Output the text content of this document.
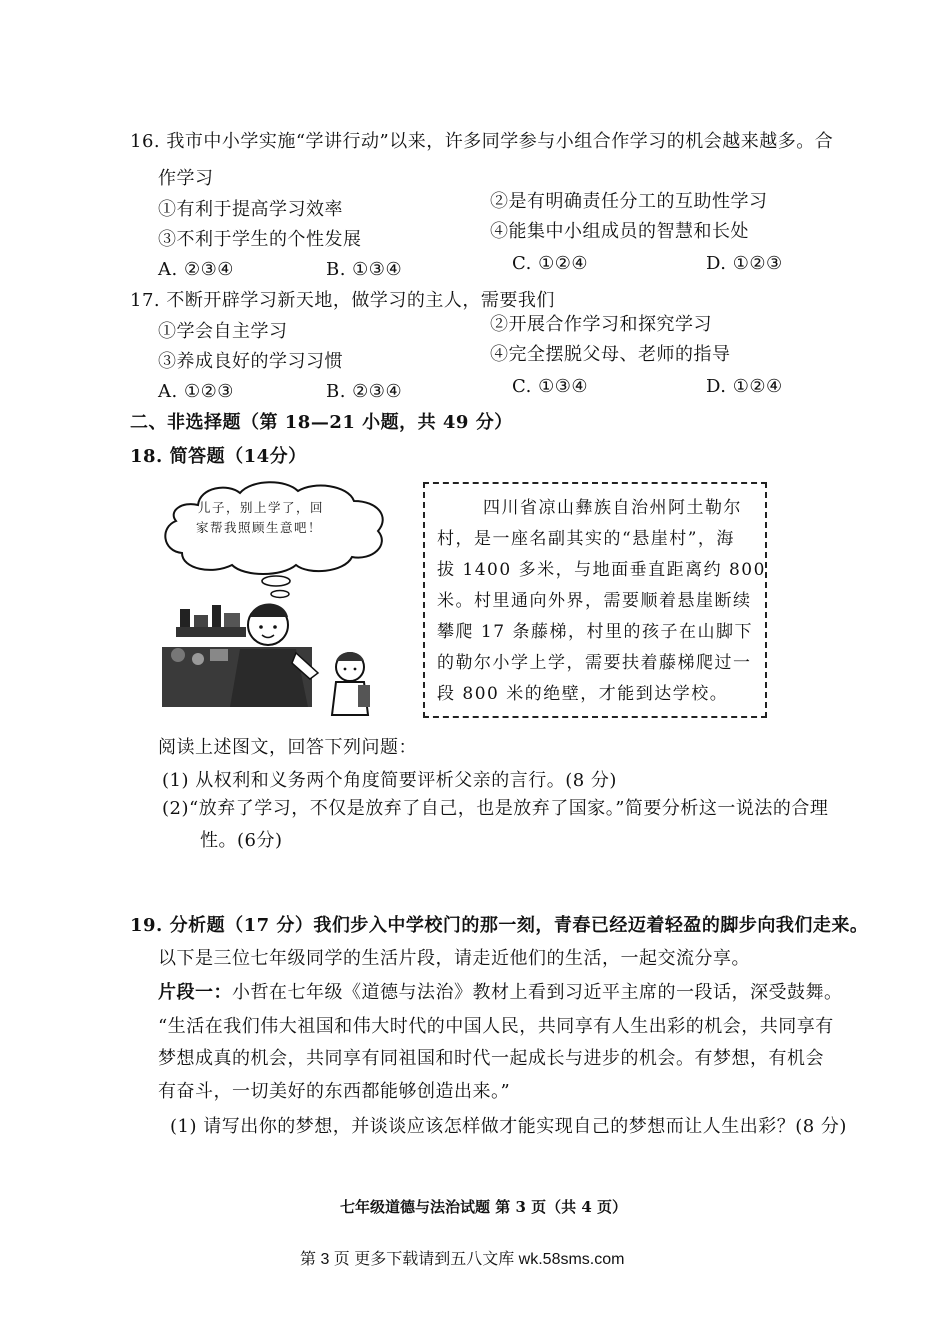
16. 我市中小学实施“学讲行动”以来，许多同学参与小组合作学习的机会越来越多。合
作学习
①有利于提高学习效率	②是有明确责任分工的互助性学习
③不利于学生的个性发展	④能集中小组成员的智慧和长处
A. ②③④	B. ①③④	C. ①②④	D. ①②③
17. 不断开辟学习新天地，做学习的主人，需要我们
①学会自主学习	②开展合作学习和探究学习
③养成良好的学习习惯	④完全摆脱父母、老师的指导
A. ①②③	B. ②③④	C. ①③④	D. ①②④
二、非选择题（第 18—21 小题，共 49 分）
18. 简答题（14分）
儿子，别上学了，回
家帮我照顾生意吧！
四川省凉山彝族自治州阿土勒尔
村，是一座名副其实的“悬崖村”，海
拔 1400 多米，与地面垂直距离约 800
米。村里通向外界，需要顺着悬崖断续
攀爬 17 条藤梯，村里的孩子在山脚下
的勒尔小学上学，需要扶着藤梯爬过一
段 800 米的绝壁，才能到达学校。
阅读上述图文，回答下列问题：
(1) 从权利和义务两个角度简要评析父亲的言行。(8 分)
(2)“放弃了学习，不仅是放弃了自己，也是放弃了国家。”简要分析这一说法的合理
性。(6分)
19. 分析题（17 分）我们步入中学校门的那一刻，青春已经迈着轻盈的脚步向我们走来。
以下是三位七年级同学的生活片段，请走近他们的生活，一起交流分享。
片段一：小哲在七年级《道德与法治》教材上看到习近平主席的一段话，深受鼓舞。
“生活在我们伟大祖国和伟大时代的中国人民，共同享有人生出彩的机会，共同享有
梦想成真的机会，共同享有同祖国和时代一起成长与进步的机会。有梦想，有机会
有奋斗，一切美好的东西都能够创造出来。”
(1) 请写出你的梦想，并谈谈应该怎样做才能实现自己的梦想而让人生出彩？(8 分)
七年级道德与法治试题 第 3 页（共 4 页）
第 3 页 更多下载请到五八文库 wk.58sms.com
